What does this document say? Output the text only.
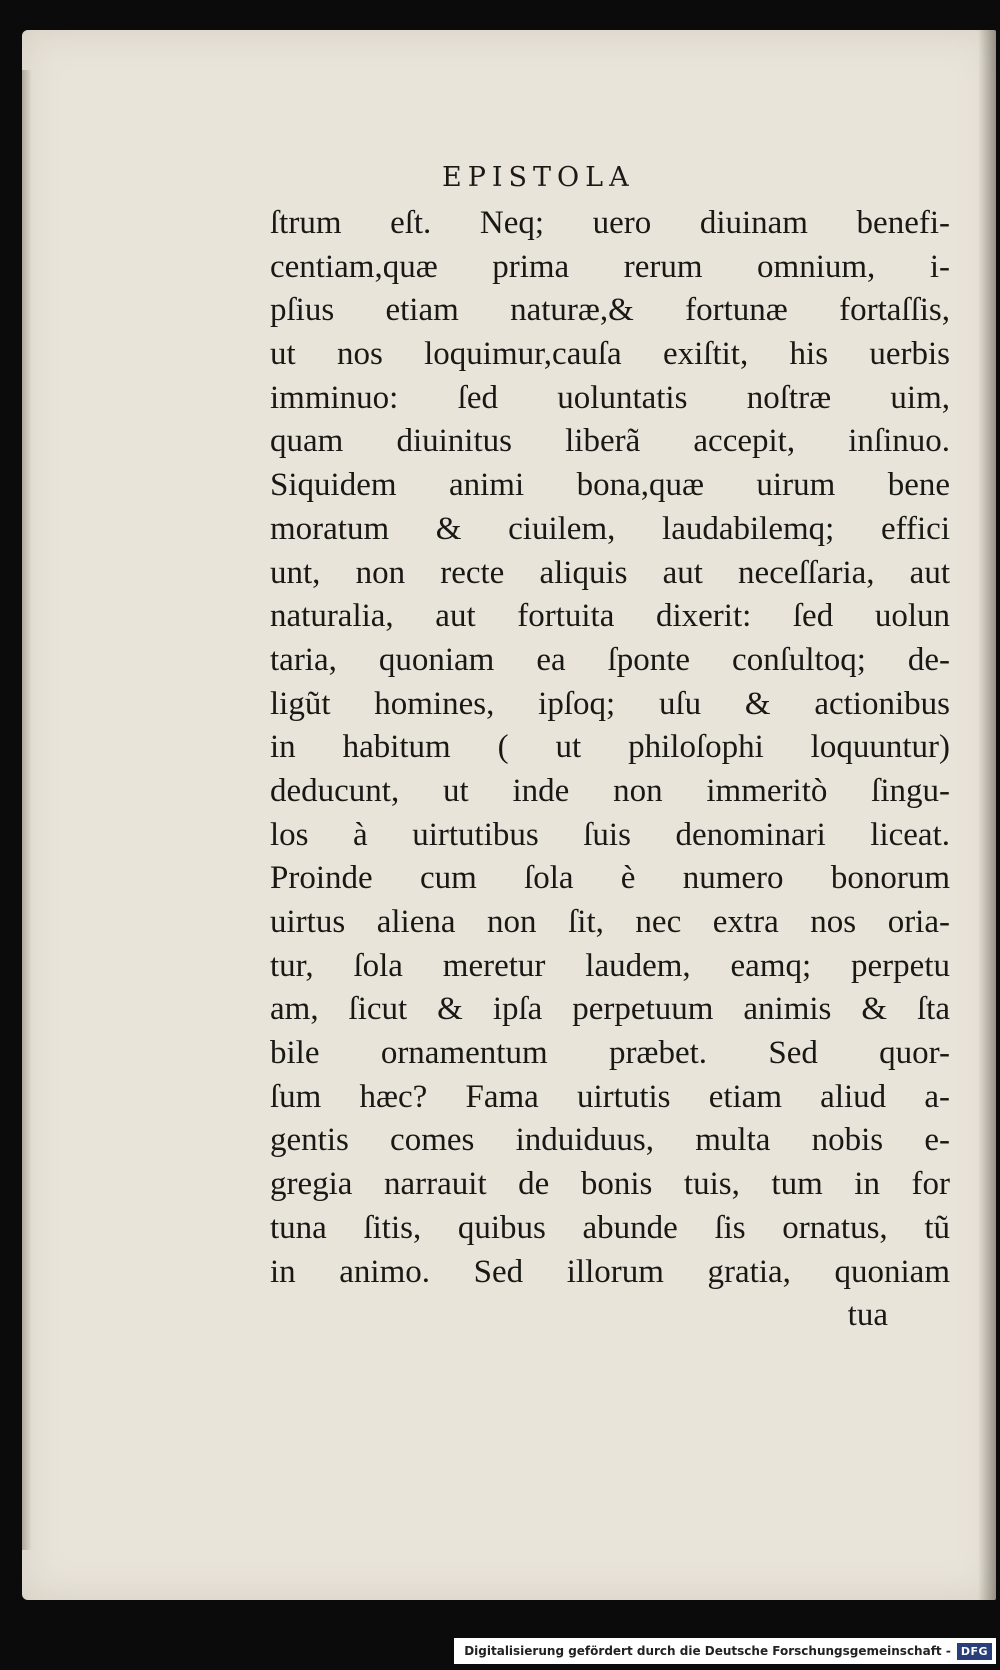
EPISTOLA
ſtrum eſt. Neq; uero diuinam benefi-
centiam,quæ prima rerum omnium, i-
pſius etiam naturæ,& fortunæ fortaſſis,
ut nos loquimur,cauſa exiſtit, his uerbis
imminuo: ſed uoluntatis noſtræ uim,
quam diuinitus liberã accepit, inſinuo.
Siquidem animi bona,quæ uirum bene
moratum & ciuilem, laudabilemq; effici
unt, non recte aliquis aut neceſſaria, aut
naturalia, aut fortuita dixerit: ſed uolun
taria, quoniam ea ſponte conſultoq; de-
ligũt homines, ipſoq; uſu & actionibus
in habitum ( ut philoſophi loquuntur)
deducunt, ut inde non immeritò ſingu-
los à uirtutibus ſuis denominari liceat.
Proinde cum ſola è numero bonorum
uirtus aliena non ſit, nec extra nos oria-
tur, ſola meretur laudem, eamq; perpetu
am, ſicut & ipſa perpetuum animis & ſta
bile ornamentum præbet. Sed quor-
ſum hæc? Fama uirtutis etiam aliud a-
gentis comes induiduus, multa nobis e-
gregia narrauit de bonis tuis, tum in for
tuna ſitis, quibus abunde ſis ornatus, tũ
in animo. Sed illorum gratia, quoniam
tua
Digitalisierung gefördert durch die Deutsche Forschungsgemeinschaft - DFG
